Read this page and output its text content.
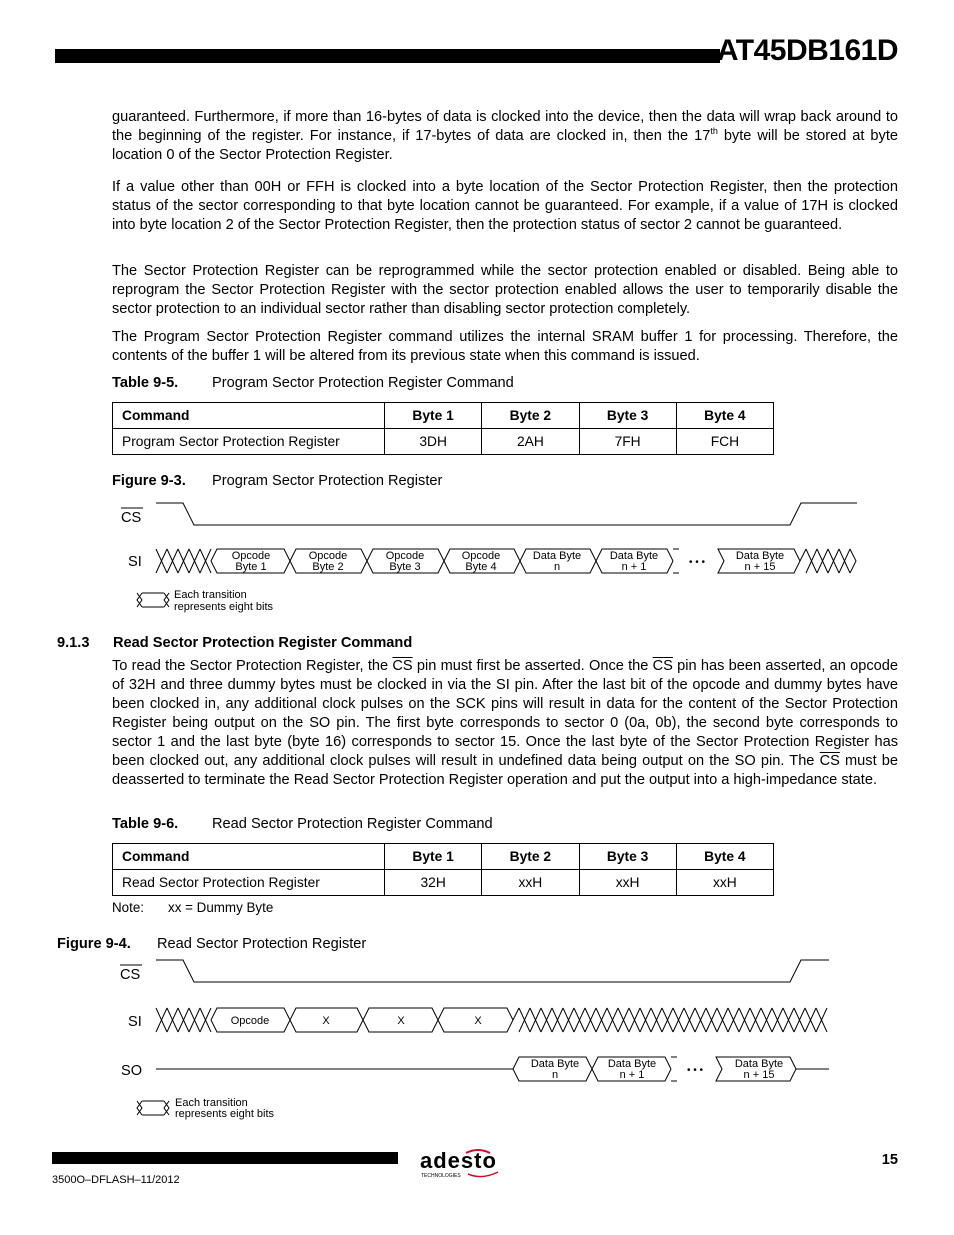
AT45DB161D

guaranteed. Furthermore, if more than 16-bytes of data is clocked into the device, then the data will wrap back around to the beginning of the register. For instance, if 17-bytes of data are clocked in, then the 17th byte will be stored at byte location 0 of the Sector Protection Register.

If a value other than 00H or FFH is clocked into a byte location of the Sector Protection Register, then the protection status of the sector corresponding to that byte location cannot be guaranteed. For example, if a value of 17H is clocked into byte location 2 of the Sector Protection Register, then the protection status of sector 2 cannot be guaranteed.

The Sector Protection Register can be reprogrammed while the sector protection enabled or disabled. Being able to reprogram the Sector Protection Register with the sector protection enabled allows the user to temporarily disable the sector protection to an individual sector rather than disabling sector protection completely.

The Program Sector Protection Register command utilizes the internal SRAM buffer 1 for processing. Therefore, the contents of the buffer 1 will be altered from its previous state when this command is issued.

Table 9-5. Program Sector Protection Register Command
Command	Byte 1	Byte 2	Byte 3	Byte 4
Program Sector Protection Register	3DH	2AH	7FH	FCH
Figure 9-3. Program Sector Protection Register
CS
SI	Opcode
Byte 1
Opcode
Byte 2
Opcode
Byte 3
Opcode
Byte 4
Data Byte
n
Data Byte
n + 1
Data Byte
n + 15
• • •
Each transition
represents eight bits
9.1.3 Read Sector Protection Register Command

To read the Sector Protection Register, the $\overline{CS}$ pin must first be asserted. Once the $\overline{CS}$ pin has been asserted, an opcode of 32H and three dummy bytes must be clocked in via the SI pin. After the last bit of the opcode and dummy bytes have been clocked in, any additional clock pulses on the SCK pins will result in data for the content of the Sector Protection Register being output on the SO pin. The first byte corresponds to sector 0 (0a, 0b), the second byte corresponds to sector 1 and the last byte (byte 16) corresponds to sector 15. Once the last byte of the Sector Protection Register has been clocked out, any additional clock pulses will result in undefined data being output on the SO pin. The $\overline{CS}$ must be deasserted to terminate the Read Sector Protection Register operation and put the output into a high-impedance state.

Table 9-6. Read Sector Protection Register Command
Command	Byte 1	Byte 2	Byte 3	Byte 4
Read Sector Protection Register	32H	xxH	xxH	xxH
Note: xx = Dummy Byte
Figure 9-4. Read Sector Protection Register
CS
SI
SO
Opcode	X	X	X
Data Byte
n
Data Byte
n + 1
Data Byte
n + 15
• • •
Each transition
represents eight bits
3500O–DFLASH–11/2012
15
adesto
TECHNOLOGIES
